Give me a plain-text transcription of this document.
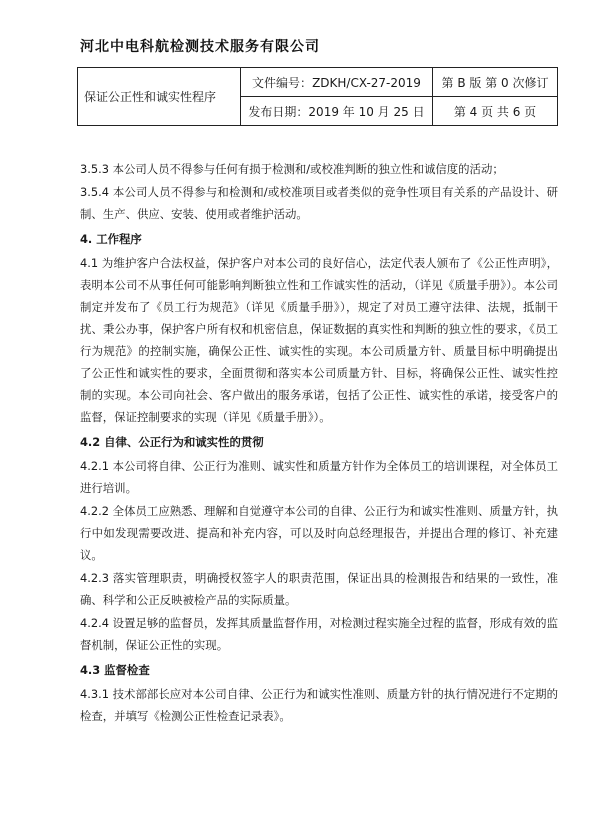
河北中电科航检测技术服务有限公司
保证公正性和诚实性程序	文件编号：ZDKH/CX-27-2019	第 B 版 第 0 次修订
	发布日期：2019 年 10 月 25 日	第 4 页 共 6 页
3.5.3 本公司人员不得参与任何有损于检测和/或校准判断的独立性和诚信度的活动；
3.5.4 本公司人员不得参与和检测和/或校准项目或者类似的竞争性项目有关系的产品设计、研制、生产、供应、安装、使用或者维护活动。
4. 工作程序
4.1 为维护客户合法权益，保护客户对本公司的良好信心，法定代表人颁布了《公正性声明》，表明本公司不从事任何可能影响判断独立性和工作诚实性的活动，（详见《质量手册》）。本公司制定并发布了《员工行为规范》（详见《质量手册》），规定了对员工遵守法律、法规，抵制干扰、秉公办事，保护客户所有权和机密信息，保证数据的真实性和判断的独立性的要求，《员工行为规范》的控制实施，确保公正性、诚实性的实现。本公司质量方针、质量目标中明确提出了公正性和诚实性的要求，全面贯彻和落实本公司质量方针、目标，将确保公正性、诚实性控制的实现。本公司向社会、客户做出的服务承诺，包括了公正性、诚实性的承诺，接受客户的监督，保证控制要求的实现（详见《质量手册》）。
4.2 自律、公正行为和诚实性的贯彻
4.2.1 本公司将自律、公正行为准则、诚实性和质量方针作为全体员工的培训课程，对全体员工进行培训。
4.2.2 全体员工应熟悉、理解和自觉遵守本公司的自律、公正行为和诚实性准则、质量方针，执行中如发现需要改进、提高和补充内容，可以及时向总经理报告，并提出合理的修订、补充建议。
4.2.3 落实管理职责，明确授权签字人的职责范围，保证出具的检测报告和结果的一致性，准确、科学和公正反映被检产品的实际质量。
4.2.4 设置足够的监督员，发挥其质量监督作用，对检测过程实施全过程的监督，形成有效的监督机制，保证公正性的实现。
4.3 监督检查
4.3.1 技术部部长应对本公司自律、公正行为和诚实性准则、质量方针的执行情况进行不定期的检查，并填写《检测公正性检查记录表》。
